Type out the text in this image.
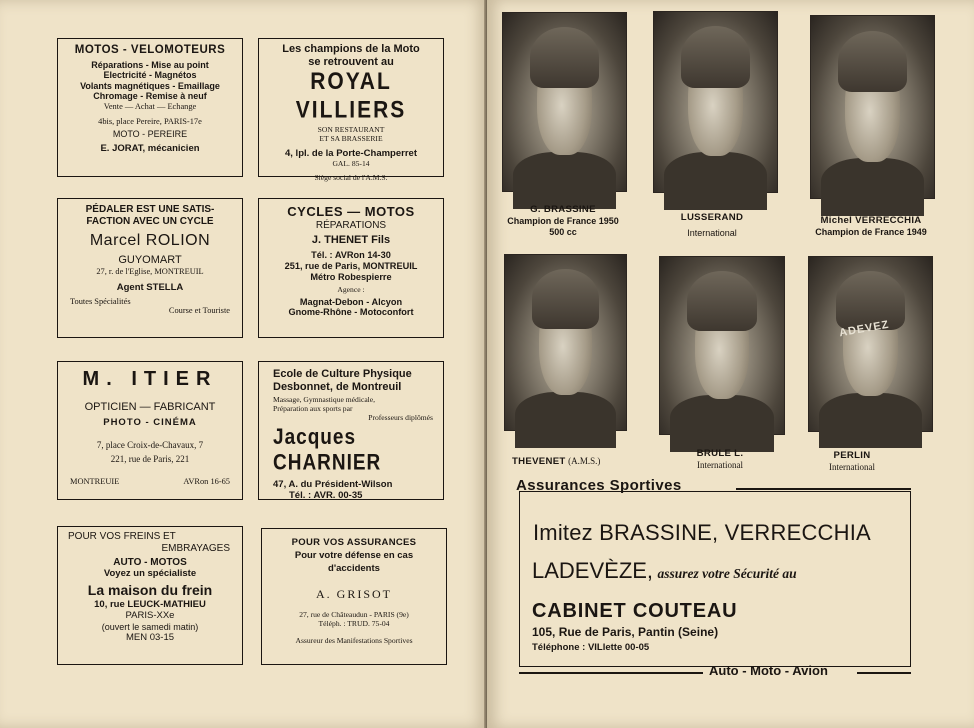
MOTOS - VELOMOTEURS
Réparations - Mise au point
Electricité - Magnétos
Volants magnétiques - Emaillage
Chromage - Remise à neuf
Vente — Achat — Echange
4bis, place Pereire, PARIS-17e
MOTO - PEREIRE
E. JORAT, mécanicien
Les champions de la Moto
se retrouvent au
ROYAL VILLIERS
SON RESTAURANT
ET SA BRASSERIE
4, lpl. de la Porte-Champerret
GAL. 85-14
Siège social de l'A.M.S.
PÉDALER EST UNE SATIS-
FACTION AVEC UN CYCLE
Marcel ROLION
GUYOMART
27, r. de l'Eglise, MONTREUIL
Agent STELLA
Toutes Spécialités
Course et Touriste
CYCLES — MOTOS
RÉPARATIONS
J. THENET Fils
Tél. : AVRon 14-30
251, rue de Paris, MONTREUIL
Métro Robespierre
Agence :
Magnat-Debon - Alcyon
Gnome-Rhône - Motoconfort
M. ITIER
OPTICIEN — FABRICANT
PHOTO - CINÉMA
7, place Croix-de-Chavaux, 7
221, rue de Paris, 221
MONTREUIE	AVRon 16-65
Ecole de Culture Physique
Desbonnet, de Montreuil
Massage, Gymnastique médicale,
Préparation aux sports par
Professeurs diplômés
Jacques CHARNIER
47, A. du Président-Wilson
Tél. : AVR. 00-35
POUR VOS FREINS ET
EMBRAYAGES
AUTO - MOTOS
Voyez un spécialiste
La maison du frein
10, rue LEUCK-MATHIEU
PARIS-XXe
(ouvert le samedi matin)
MEN 03-15
POUR VOS ASSURANCES
Pour votre défense en cas
d'accidents
A. GRISOT
27, rue de Châteaudun - PARIS (9e)
Téléph. : TRUD. 75-04
Assureur des Manifestations Sportives
ADEVEZ
G. BRASSINE
Champion de France 1950
500 cc
LUSSERAND
International
Michel VERRECCHIA
Champion de France 1949
THEVENET (A.M.S.)
BRULE L.
International
PERLIN
International
Assurances Sportives
Imitez BRASSINE, VERRECCHIA
LADEVÈZE, assurez votre Sécurité au
CABINET COUTEAU
105, Rue de Paris, Pantin (Seine)
Téléphone : VILlette 00-05
Auto - Moto - Avion
